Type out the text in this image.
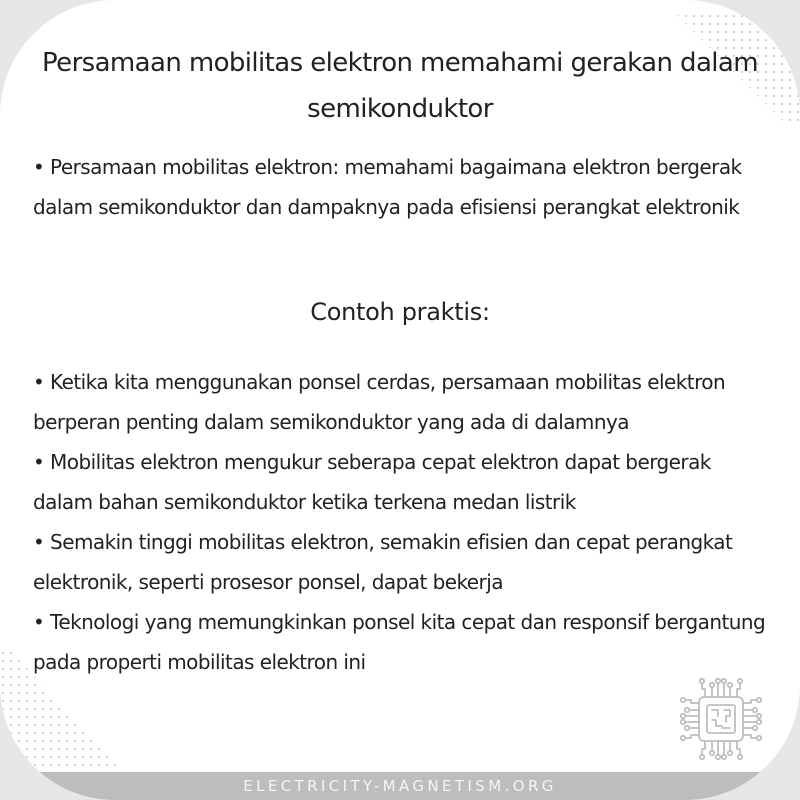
Persamaan mobilitas elektron memahami gerakan dalam semikonduktor
• Persamaan mobilitas elektron: memahami bagaimana elektron bergerak dalam semikonduktor dan dampaknya pada efisiensi perangkat elektronik
Contoh praktis:
• Ketika kita menggunakan ponsel cerdas, persamaan mobilitas elektron berperan penting dalam semikonduktor yang ada di dalamnya
• Mobilitas elektron mengukur seberapa cepat elektron dapat bergerak dalam bahan semikonduktor ketika terkena medan listrik
• Semakin tinggi mobilitas elektron, semakin efisien dan cepat perangkat elektronik, seperti prosesor ponsel, dapat bekerja
• Teknologi yang memungkinkan ponsel kita cepat dan responsif bergantung pada properti mobilitas elektron ini
ELECTRICITY-MAGNETISM.ORG
